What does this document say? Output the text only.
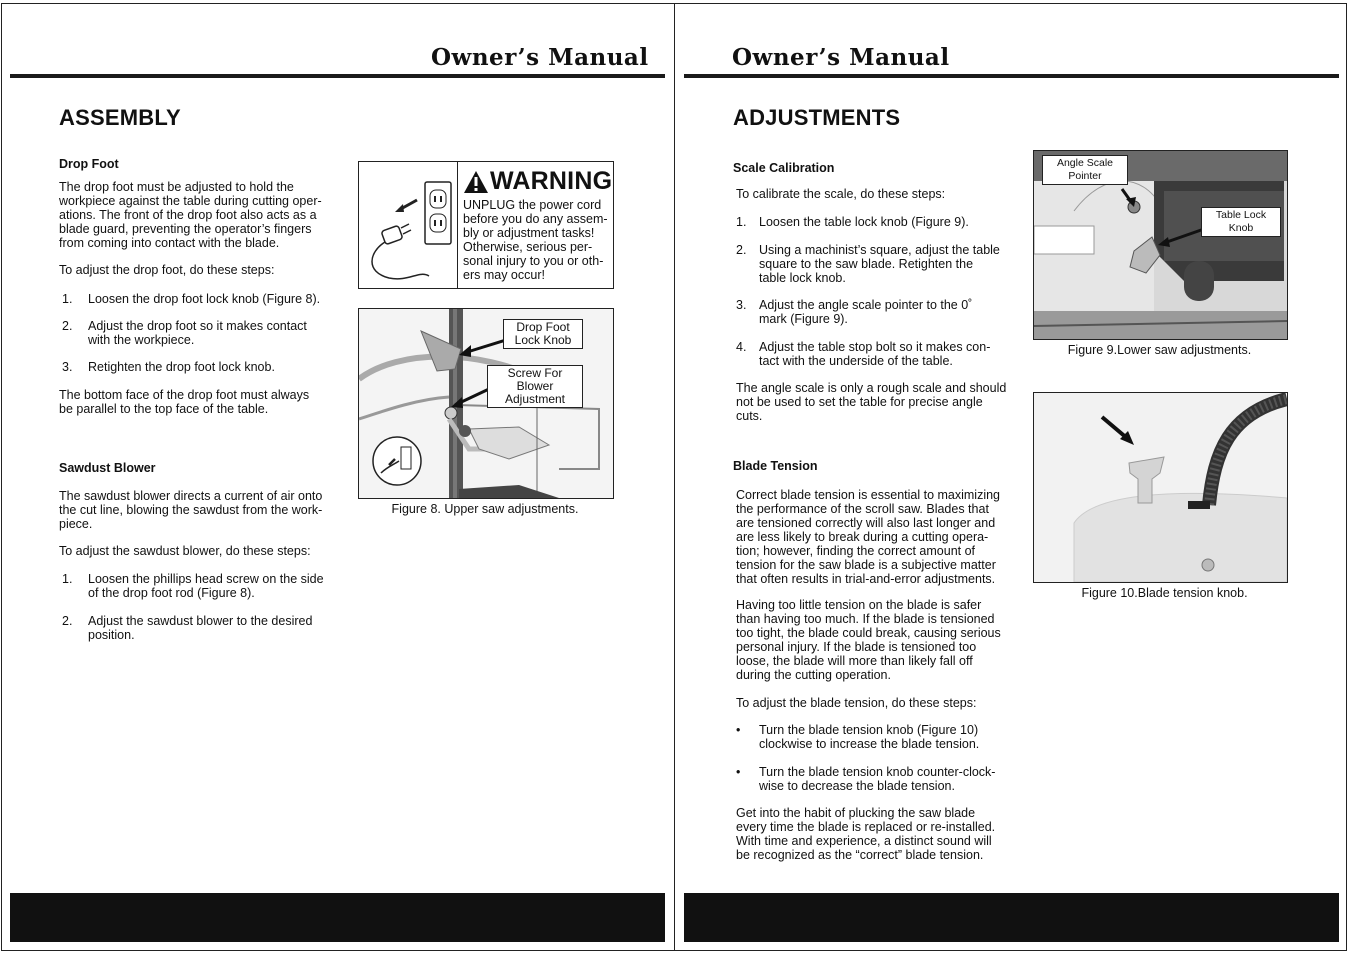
Owner’s Manual
ASSEMBLY
Drop Foot
The drop foot must be adjusted to hold the
workpiece against the table during cutting oper-
ations. The front of the drop foot also acts as a
blade guard, preventing the operator’s fingers
from coming into contact with the blade.
To adjust the drop foot, do these steps:
1. Loosen the drop foot lock knob (Figure 8).
2. Adjust the drop foot so it makes contact
with the workpiece.
3. Retighten the drop foot lock knob.
The bottom face of the drop foot must always
be parallel to the top face of the table.
Sawdust Blower
The sawdust blower directs a current of air onto
the cut line, blowing the sawdust from the work-
piece.
To adjust the sawdust blower, do these steps:
1. Loosen the phillips head screw on the side
of the drop foot rod (Figure 8).
2. Adjust the sawdust blower to the desired
position.
WARNING
UNPLUG the power cord
before you do any assem-
bly or adjustment tasks!
Otherwise, serious per-
sonal injury to you or oth-
ers may occur!
Drop Foot
Lock Knob
Screw For Blower
Adjustment
Figure 8. Upper saw adjustments.
Owner’s Manual
ADJUSTMENTS
Scale Calibration
To calibrate the scale, do these steps:
1. Loosen the table lock knob (Figure 9).
2. Using a machinist’s square, adjust the table
square to the saw blade. Retighten the
table lock knob.
3. Adjust the angle scale pointer to the 0˚
mark (Figure 9).
4. Adjust the table stop bolt so it makes con-
tact with the underside of the table.
The angle scale is only a rough scale and should
not be used to set the table for precise angle
cuts.
Blade Tension
Correct blade tension is essential to maximizing
the performance of the scroll saw. Blades that
are tensioned correctly will also last longer and
are less likely to break during a cutting opera-
tion; however, finding the correct amount of
tension for the saw blade is a subjective matter
that often results in trial-and-error adjustments.
Having too little tension on the blade is safer
than having too much. If the blade is tensioned
too tight, the blade could break, causing serious
personal injury. If the blade is tensioned too
loose, the blade will more than likely fall off
during the cutting operation.
To adjust the blade tension, do these steps:
• Turn the blade tension knob (Figure 10)
clockwise to increase the blade tension.
• Turn the blade tension knob counter-clock-
wise to decrease the blade tension.
Get into the habit of plucking the saw blade
every time the blade is replaced or re-installed.
With time and experience, a distinct sound will
be recognized as the “correct” blade tension.
Angle Scale
Pointer
Table Lock
Knob
Figure 9.Lower saw adjustments.
Figure 10.Blade tension knob.
